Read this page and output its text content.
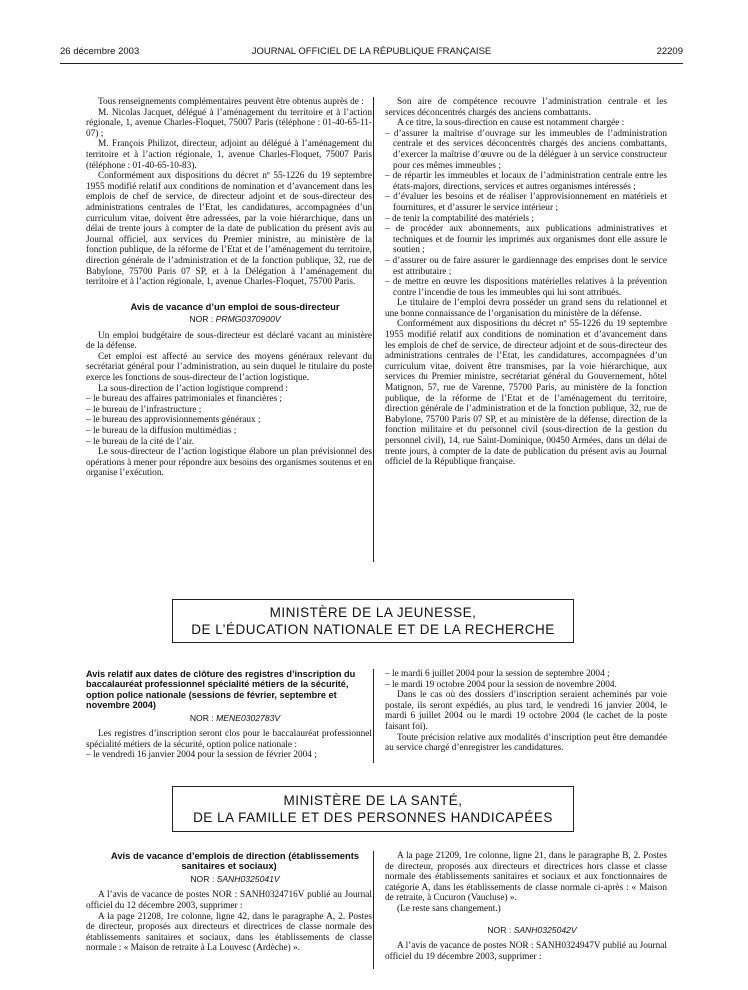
26 décembre 2003	JOURNAL OFFICIEL DE LA RÉPUBLIQUE FRANÇAISE	22209

Tous renseignements complémentaires peuvent être obtenus auprès de :

M. Nicolas Jacquet, délégué à l’aménagement du territoire et à l’action régionale, 1, avenue Charles-Floquet, 75007 Paris (téléphone : 01-40-65-11-07) ;

M. François Philizot, directeur, adjoint au délégué à l’aménagement du territoire et à l’action régionale, 1, avenue Charles-Floquet, 75007 Paris (téléphone : 01-40-65-10-83).

Conformément aux dispositions du décret nº 55-1226 du 19 septembre 1955 modifié relatif aux conditions de nomination et d’avancement dans les emplois de chef de service, de directeur adjoint et de sous-directeur des administrations centrales de l’Etat, les candidatures, accompagnées d’un curriculum vitae, doivent être adressées, par la voie hiérarchique, dans un délai de trente jours à compter de la date de publication du présent avis au Journal officiel, aux services du Premier ministre, au ministère de la fonction publique, de la réforme de l’Etat et de l’aménagement du territoire, direction générale de l’administration et de la fonction publique, 32, rue de Babylone, 75700 Paris 07 SP, et à la Délégation à l’aménagement du territoire et à l’action régionale, 1, avenue Charles-Floquet, 75700 Paris.

Avis de vacance d’un emploi de sous-directeur

NOR : PRMG0370900V

Un emploi budgétaire de sous-directeur est déclaré vacant au ministère de la défense.

Cet emploi est affecté au service des moyens généraux relevant du secrétariat général pour l’administration, au sein duquel le titulaire du poste exerce les fonctions de sous-directeur de l’action logistique.

La sous-direction de l’action logistique comprend :

– le bureau des affaires patrimoniales et financières ;

– le bureau de l’infrastructure ;

– le bureau des approvisionnements généraux ;

– le bureau de la diffusion multimédias ;

– le bureau de la cité de l’air.

Le sous-directeur de l’action logistique élabore un plan prévisionnel des opérations à mener pour répondre aux besoins des organismes soutenus et en organise l’exécution.

Son aire de compétence recouvre l’administration centrale et les services déconcentrés chargés des anciens combattants.

A ce titre, la sous-direction en cause est notamment chargée :

– d’assurer la maîtrise d’ouvrage sur les immeubles de l’administration centrale et des services déconcentrés chargés des anciens combattants, d’exercer la maîtrise d’œuvre ou de la déléguer à un service constructeur pour ces mêmes immeubles ;

– de répartir les immeubles et locaux de l’administration centrale entre les états-majors, directions, services et autres organismes intéressés ;

– d’évaluer les besoins et de réaliser l’approvisionnement en matériels et fournitures, et d’assurer le service intérieur ;

– de tenir la comptabilité des matériels ;

– de procéder aux abonnements, aux publications administratives et techniques et de fournir les imprimés aux organismes dont elle assure le soutien ;

– d’assurer ou de faire assurer le gardiennage des emprises dont le service est attributaire ;

– de mettre en œuvre les dispositions matérielles relatives à la prévention contre l’incendie de tous les immeubles qui lui sont attribués.

Le titulaire de l’emploi devra posséder un grand sens du relationnel et une bonne connaissance de l’organisation du ministère de la défense.

Conformément aux dispositions du décret nº 55-1226 du 19 septembre 1955 modifié relatif aux conditions de nomination et d’avancement dans les emplois de chef de service, de directeur adjoint et de sous-directeur des administrations centrales de l’Etat, les candidatures, accompagnées d’un curriculum vitae, doivent être transmises, par la voie hiérarchique, aux services du Premier ministre, secrétariat général du Gouvernement, hôtel Matignon, 57, rue de Varenne, 75700 Paris, au ministère de la fonction publique, de la réforme de l’Etat et de l’aménagement du territoire, direction générale de l’administration et de la fonction publique, 32, rue de Babylone, 75700 Paris 07 SP, et au ministère de la défense, direction de la fonction militaire et du personnel civil (sous-direction de la gestion du personnel civil), 14, rue Saint-Dominique, 00450 Armées, dans un délai de trente jours, à compter de la date de publication du présent avis au Journal officiel de la République française.

MINISTÈRE DE LA JEUNESSE,
DE L’ÉDUCATION NATIONALE ET DE LA RECHERCHE

Avis relatif aux dates de clôture des registres d’inscription du baccalauréat professionnel spécialité métiers de la sécurité, option police nationale (sessions de février, septembre et novembre 2004)

NOR : MENE0302783V

Les registres d’inscription seront clos pour le baccalauréat professionnel spécialité métiers de la sécurité, option police nationale :

– le vendredi 16 janvier 2004 pour la session de février 2004 ;

– le mardi 6 juillet 2004 pour la session de septembre 2004 ;

– le mardi 19 octobre 2004 pour la session de novembre 2004.

Dans le cas où des dossiers d’inscription seraient acheminés par voie postale, ils seront expédiés, au plus tard, le vendredi 16 janvier 2004, le mardi 6 juillet 2004 ou le mardi 19 octobre 2004 (le cachet de la poste faisant foi).

Toute précision relative aux modalités d’inscription peut être demandée au service chargé d’enregistrer les candidatures.

MINISTÈRE DE LA SANTÉ,
DE LA FAMILLE ET DES PERSONNES HANDICAPÉES

Avis de vacance d’emplois de direction (établissements sanitaires et sociaux)

NOR : SANH0325041V

A l’avis de vacance de postes NOR : SANH0324716V publié au Journal officiel du 12 décembre 2003, supprimer :

A la page 21208, 1re colonne, ligne 42, dans le paragraphe A, 2. Postes de directeur, proposés aux directeurs et directrices de classe normale des établissements sanitaires et sociaux, dans les établissements de classe normale : « Maison de retraite à La Louvesc (Ardèche) ».

A la page 21209, 1re colonne, ligne 21, dans le paragraphe B, 2. Postes de directeur, proposés aux directeurs et directrices hors classe et classe normale des établissements sanitaires et sociaux et aux fonctionnaires de catégorie A, dans les établissements de classe normale ci-après : « Maison de retraite, à Cucuron (Vaucluse) ».

(Le reste sans changement.)

NOR : SANH0325042V

A l’avis de vacance de postes NOR : SANH0324947V publié au Journal officiel du 19 décembre 2003, supprimer :
